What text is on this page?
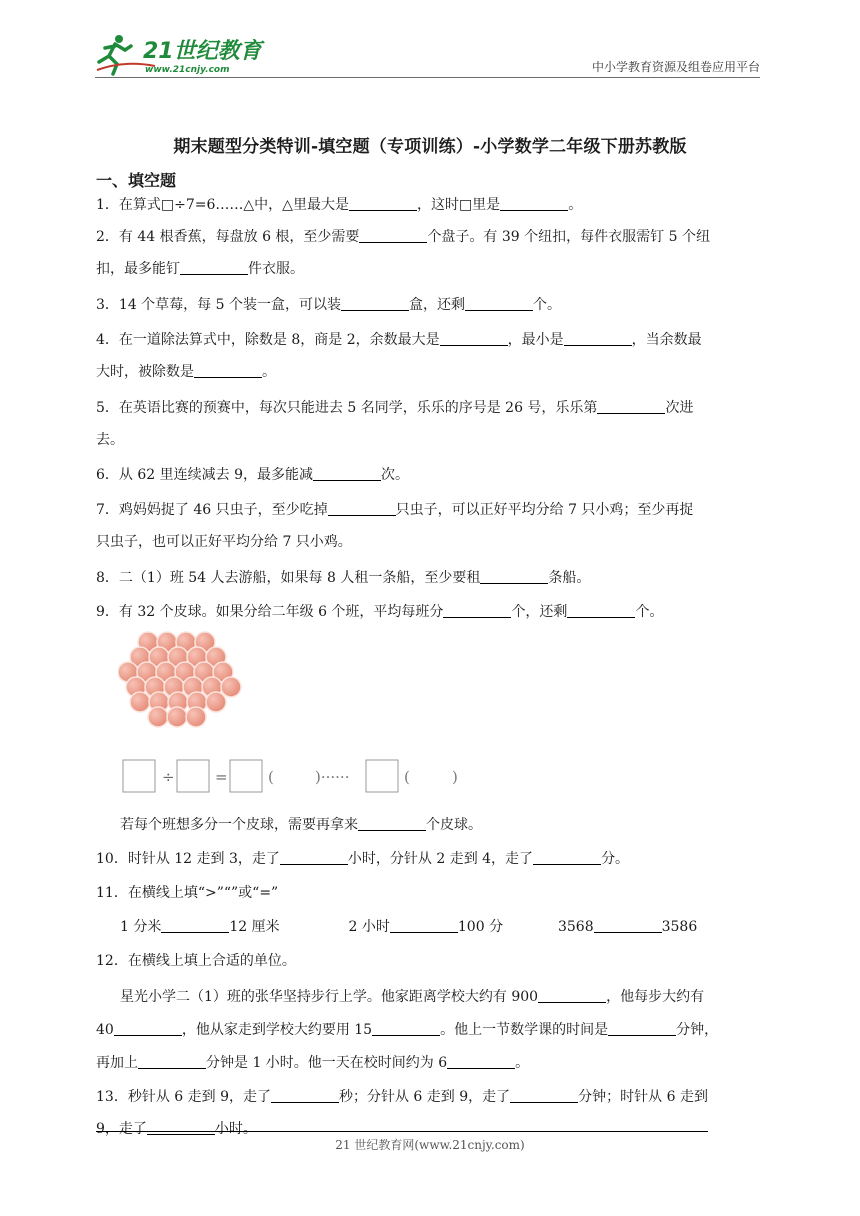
21世纪教育
www.21cnjy.com	中小学教育资源及组卷应用平台
期末题型分类特训-填空题（专项训练）-小学数学二年级下册苏教版
一、填空题
1．在算式□÷7=6……△中，△里最大是	，这时□里是	。
2．有 44 根香蕉，每盘放 6 根，至少需要	个盘子。有 39 个纽扣，每件衣服需钉 5 个纽
扣，最多能钉	件衣服。
3．14 个草莓，每 5 个装一盒，可以装	盒，还剩	个。
4．在一道除法算式中，除数是 8，商是 2，余数最大是	，最小是	，当余数最
大时，被除数是	。
5．在英语比赛的预赛中，每次只能进去 5 名同学，乐乐的序号是 26 号，乐乐第	次进
去。
6．从 62 里连续减去 9，最多能减	次。
7．鸡妈妈捉了 46 只虫子，至少吃掉	只虫子，可以正好平均分给 7 只小鸡；至少再捉
只虫子，也可以正好平均分给 7 只小鸡。
8．二（1）班 54 人去游船，如果每 8 人租一条船，至少要租	条船。
9．有 32 个皮球。如果分给二年级 6 个班，平均每班分	个，还剩	个。
÷	=	(	)······	(	)
若每个班想多分一个皮球，需要再拿来	个皮球。
10．时针从 12 走到 3，走了	小时，分针从 2 走到 4，走了	分。
11．在横线上填“>”“”或“=”
1 分米	12 厘米	2 小时	100 分	3568	3586
12．在横线上填上合适的单位。
星光小学二（1）班的张华坚持步行上学。他家距离学校大约有 900	，他每步大约有
40	，他从家走到学校大约要用 15	。他上一节数学课的时间是	分钟，
再加上	分钟是 1 小时。他一天在校时间约为 6	。
13．秒针从 6 走到 9，走了	秒；分针从 6 走到 9，走了	分钟；时针从 6 走到
9，走了	小时。
21 世纪教育网(www.21cnjy.com)
